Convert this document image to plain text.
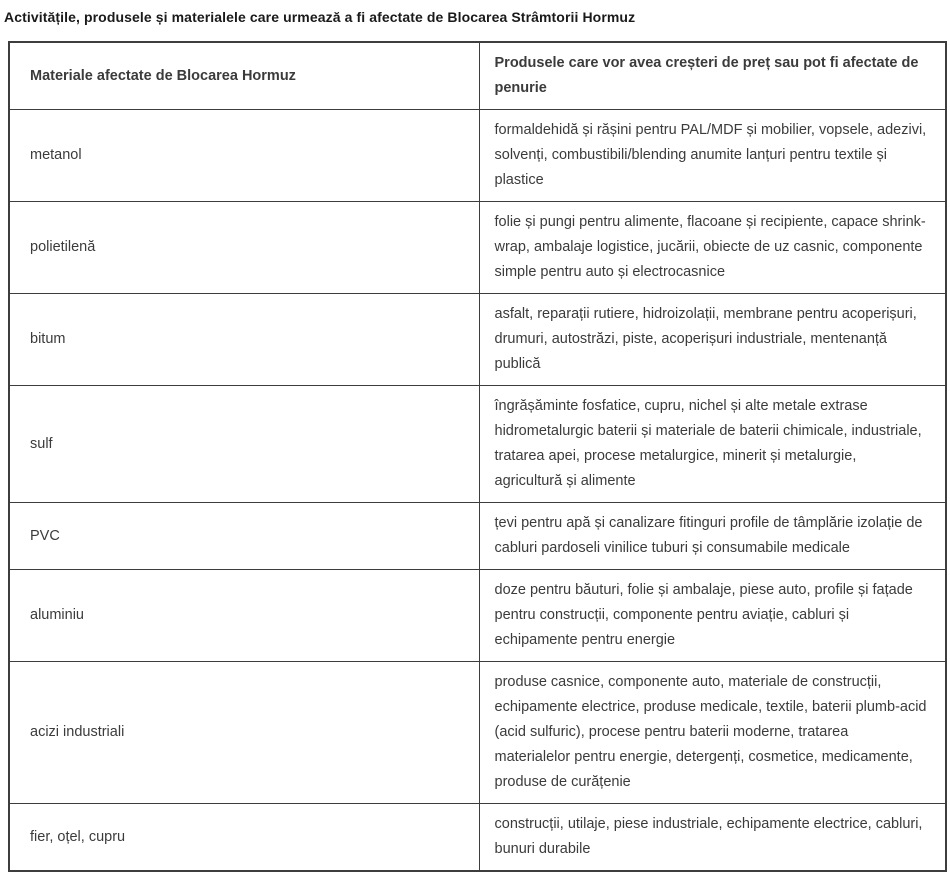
Activitățile, produsele și materialele care urmează a fi afectate de Blocarea Strâmtorii Hormuz
Materiale afectate de Blocarea Hormuz	Produsele care vor avea creșteri de preț sau pot fi afectate de penurie
metanol	formaldehidă și rășini pentru PAL/MDF și mobilier, vopsele, adezivi, solvenți, combustibili/blending anumite lanțuri pentru textile și plastice
polietilenă	folie și pungi pentru alimente, flacoane și recipiente, capace shrink-wrap, ambalaje logistice, jucării, obiecte de uz casnic, componente simple pentru auto și electrocasnice
bitum	asfalt, reparații rutiere, hidroizolații, membrane pentru acoperișuri, drumuri, autostrăzi, piste, acoperișuri industriale, mentenanță publică
sulf	îngrășăminte fosfatice, cupru, nichel și alte metale extrase hidrometalurgic baterii și materiale de baterii chimicale, industriale, tratarea apei, procese metalurgice, minerit și metalurgie, agricultură și alimente
PVC	țevi pentru apă și canalizare fitinguri profile de tâmplărie izolație de cabluri pardoseli vinilice tuburi și consumabile medicale
aluminiu	doze pentru băuturi, folie și ambalaje, piese auto, profile și fațade pentru construcții, componente pentru aviație, cabluri și echipamente pentru energie
acizi industriali	produse casnice, componente auto, materiale de construcții, echipamente electrice, produse medicale, textile, baterii plumb-acid (acid sulfuric), procese pentru baterii moderne, tratarea materialelor pentru energie, detergenți, cosmetice, medicamente, produse de curățenie
fier, oțel, cupru	construcții, utilaje, piese industriale, echipamente electrice, cabluri, bunuri durabile
